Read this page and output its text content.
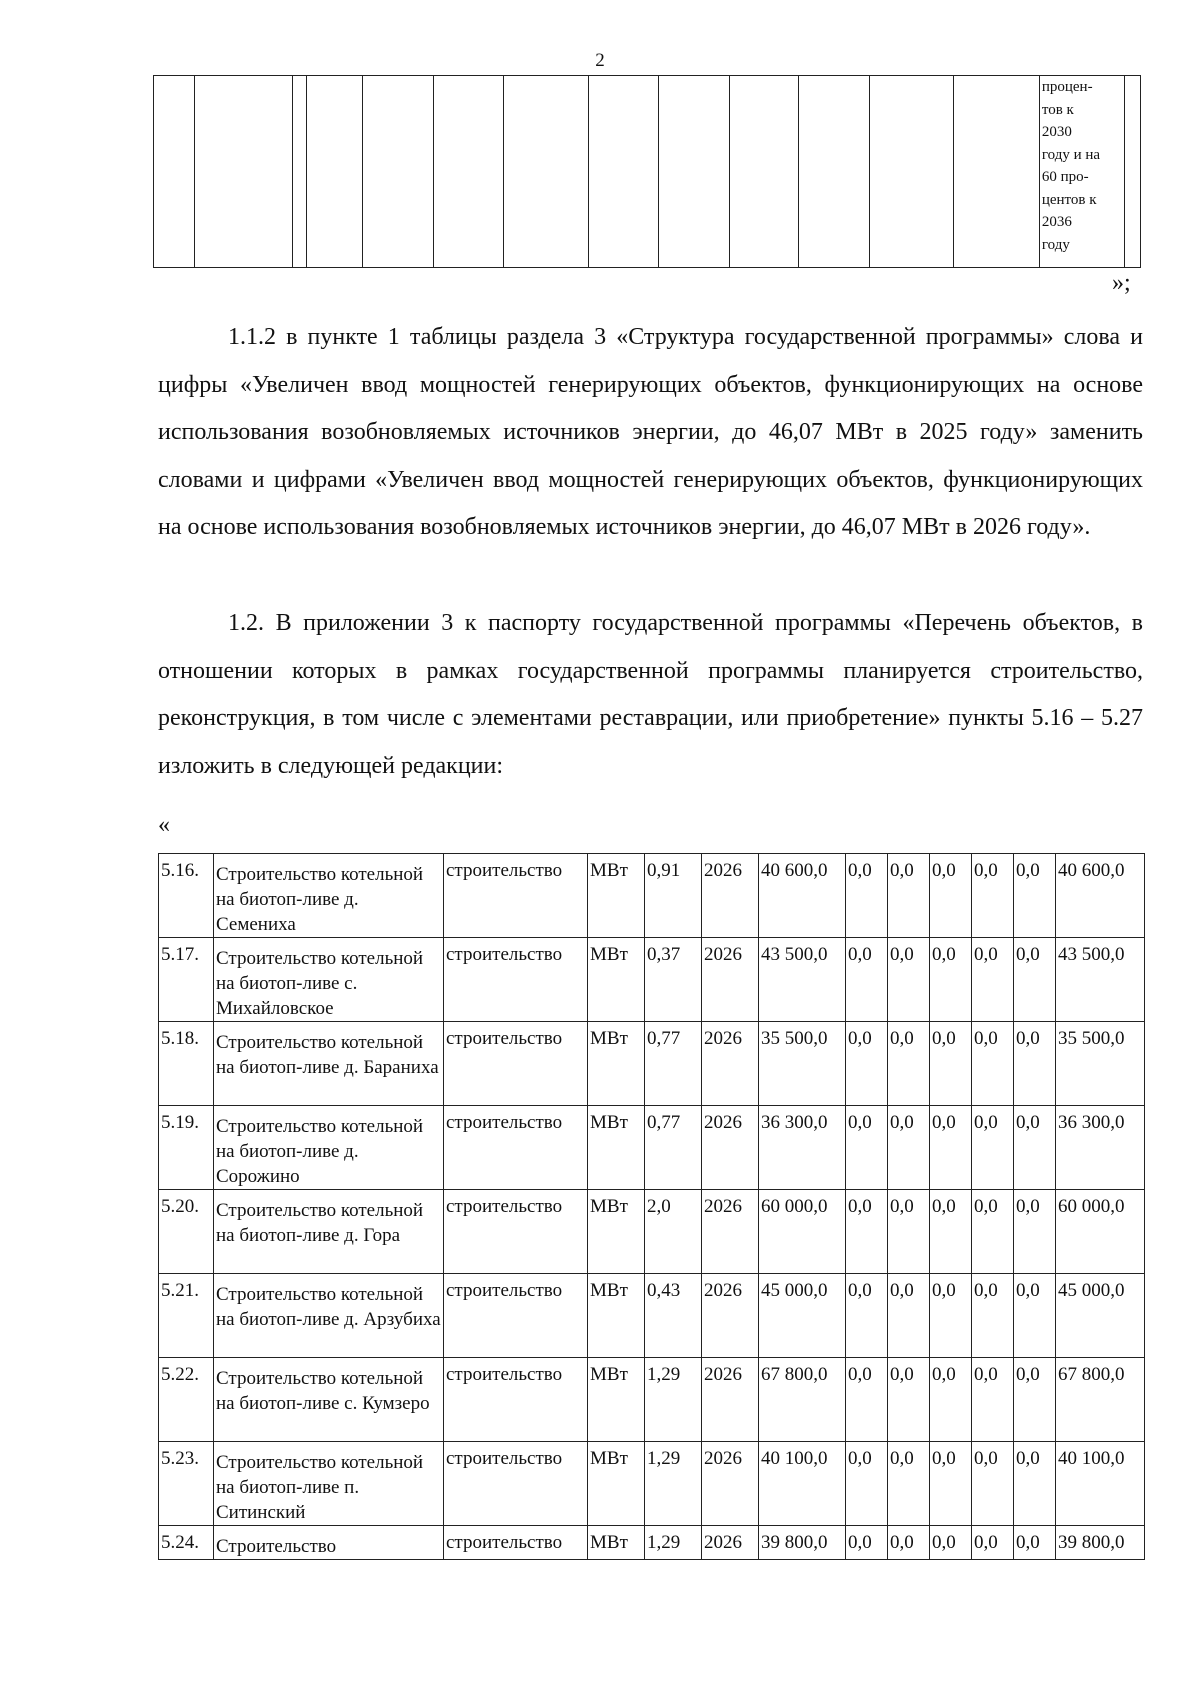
2
процен-
тов к
2030
году и на
60 про-
центов к
2036
году
»;

1.1.2 в пункте 1 таблицы раздела 3 «Структура государственной программы» слова и цифры «Увеличен ввод мощностей генерирующих объектов, функционирующих на основе использования возобновляемых источников энергии, до 46,07 МВт в 2025 году» заменить словами и цифрами «Увеличен ввод мощностей генерирующих объектов, функционирующих на основе использования возобновляемых источников энергии, до 46,07 МВт в 2026 году».

1.2. В приложении 3 к паспорту государственной программы «Перечень объектов, в отношении которых в рамках государственной программы планируется строительство, реконструкция, в том числе с элементами реставрации, или приобретение» пункты 5.16 – 5.27 изложить в следующей редакции:

«
5.16.	Строительство котельной на биотоп-ливе д. Семениха	строительство	МВт	0,91	2026	40 600,0	0,0	0,0	0,0	0,0	0,0	40 600,0
5.17.	Строительство котельной на биотоп-ливе с. Михайловское	строительство	МВт	0,37	2026	43 500,0	0,0	0,0	0,0	0,0	0,0	43 500,0
5.18.	Строительство котельной на биотоп-ливе д. Бараниха	строительство	МВт	0,77	2026	35 500,0	0,0	0,0	0,0	0,0	0,0	35 500,0
5.19.	Строительство котельной на биотоп-ливе д. Сорожино	строительство	МВт	0,77	2026	36 300,0	0,0	0,0	0,0	0,0	0,0	36 300,0
5.20.	Строительство котельной на биотоп-ливе д. Гора	строительство	МВт	2,0	2026	60 000,0	0,0	0,0	0,0	0,0	0,0	60 000,0
5.21.	Строительство котельной на биотоп-ливе д. Арзубиха	строительство	МВт	0,43	2026	45 000,0	0,0	0,0	0,0	0,0	0,0	45 000,0
5.22.	Строительство котельной на биотоп-ливе с. Кумзеро	строительство	МВт	1,29	2026	67 800,0	0,0	0,0	0,0	0,0	0,0	67 800,0
5.23.	Строительство котельной на биотоп-ливе п. Ситинский	строительство	МВт	1,29	2026	40 100,0	0,0	0,0	0,0	0,0	0,0	40 100,0
5.24.	Строительство	строительство	МВт	1,29	2026	39 800,0	0,0	0,0	0,0	0,0	0,0	39 800,0
